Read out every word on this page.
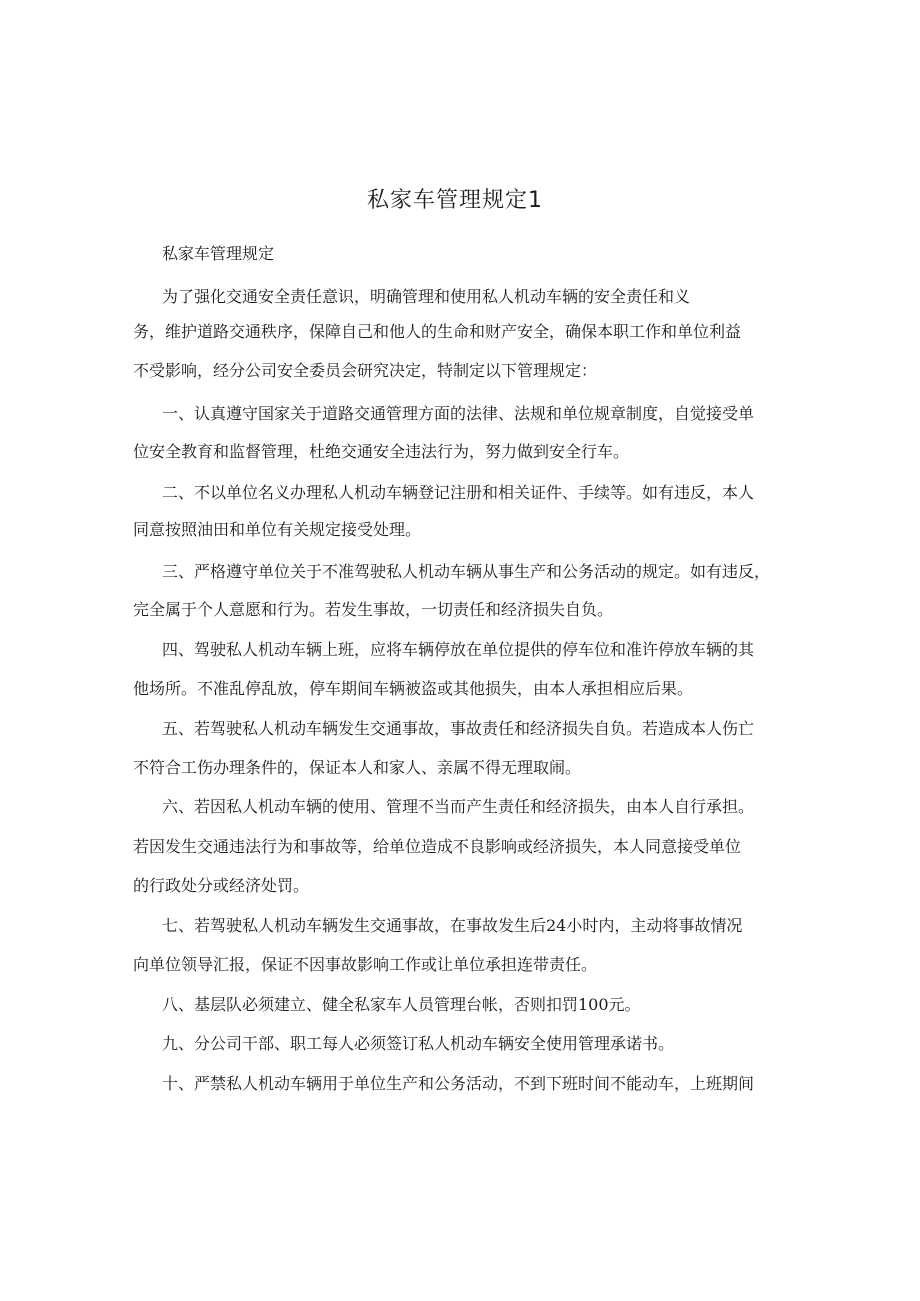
私家车管理规定1
私家车管理规定
为了强化交通安全责任意识，明确管理和使用私人机动车辆的安全责任和义
务，维护道路交通秩序，保障自己和他人的生命和财产安全，确保本职工作和单位利益
不受影响，经分公司安全委员会研究决定，特制定以下管理规定：
一、认真遵守国家关于道路交通管理方面的法律、法规和单位规章制度，自觉接受单
位安全教育和监督管理，杜绝交通安全违法行为，努力做到安全行车。
二、不以单位名义办理私人机动车辆登记注册和相关证件、手续等。如有违反，本人
同意按照油田和单位有关规定接受处理。
三、严格遵守单位关于不准驾驶私人机动车辆从事生产和公务活动的规定。如有违反，
完全属于个人意愿和行为。若发生事故，一切责任和经济损失自负。
四、驾驶私人机动车辆上班，应将车辆停放在单位提供的停车位和准许停放车辆的其
他场所。不准乱停乱放，停车期间车辆被盗或其他损失，由本人承担相应后果。
五、若驾驶私人机动车辆发生交通事故，事故责任和经济损失自负。若造成本人伤亡
不符合工伤办理条件的，保证本人和家人、亲属不得无理取闹。
六、若因私人机动车辆的使用、管理不当而产生责任和经济损失，由本人自行承担。
若因发生交通违法行为和事故等，给单位造成不良影响或经济损失，本人同意接受单位
的行政处分或经济处罚。
七、若驾驶私人机动车辆发生交通事故，在事故发生后24小时内，主动将事故情况
向单位领导汇报，保证不因事故影响工作或让单位承担连带责任。
八、基层队必须建立、健全私家车人员管理台帐，否则扣罚100元。
九、分公司干部、职工每人必须签订私人机动车辆安全使用管理承诺书。
十、严禁私人机动车辆用于单位生产和公务活动，不到下班时间不能动车，上班期间
